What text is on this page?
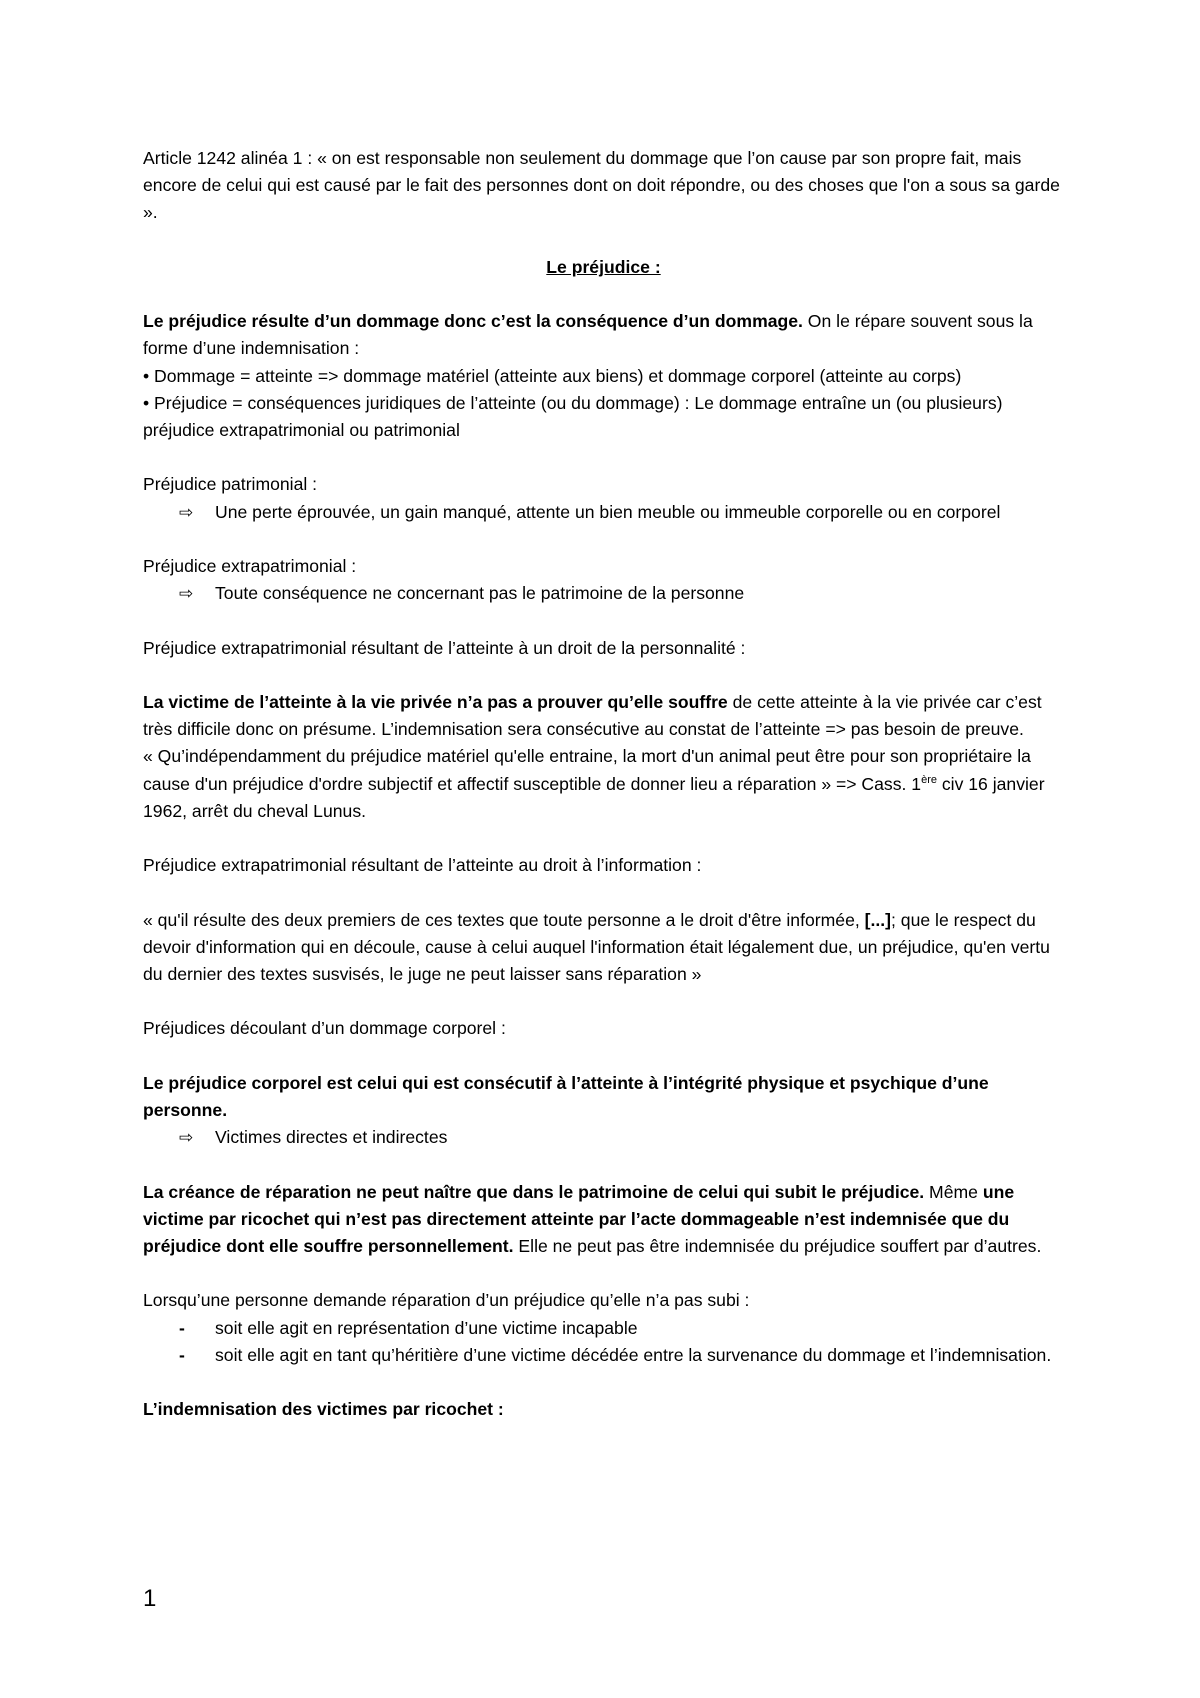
Article 1242 alinéa 1 : « on est responsable non seulement du dommage que l’on cause par son propre fait, mais encore de celui qui est causé par le fait des personnes dont on doit répondre, ou des choses que l'on a sous sa garde ».

Le préjudice :

Le préjudice résulte d’un dommage donc c’est la conséquence d’un dommage. On le répare souvent sous la forme d’une indemnisation :

• Dommage = atteinte => dommage matériel (atteinte aux biens) et dommage corporel (atteinte au corps)

• Préjudice = conséquences juridiques de l’atteinte (ou du dommage) : Le dommage entraîne un (ou plusieurs) préjudice extrapatrimonial ou patrimonial

Préjudice patrimonial :

⇨	Une perte éprouvée, un gain manqué, attente un bien meuble ou immeuble corporelle ou en corporel

Préjudice extrapatrimonial :

⇨	Toute conséquence ne concernant pas le patrimoine de la personne

Préjudice extrapatrimonial résultant de l’atteinte à un droit de la personnalité :

La victime de l’atteinte à la vie privée n’a pas a prouver qu’elle souffre de cette atteinte à la vie privée car c’est très difficile donc on présume. L’indemnisation sera consécutive au constat de l’atteinte => pas besoin de preuve.

« Qu’indépendamment du préjudice matériel qu'elle entraine, la mort d'un animal peut être pour son propriétaire la cause d'un préjudice d'ordre subjectif et affectif susceptible de donner lieu a réparation » => Cass. 1ère civ 16 janvier 1962, arrêt du cheval Lunus.

Préjudice extrapatrimonial résultant de l’atteinte au droit à l’information :

« qu'il résulte des deux premiers de ces textes que toute personne a le droit d'être informée, [...]; que le respect du devoir d'information qui en découle, cause à celui auquel l'information était légalement due, un préjudice, qu'en vertu du dernier des textes susvisés, le juge ne peut laisser sans réparation »

Préjudices découlant d’un dommage corporel :

Le préjudice corporel est celui qui est consécutif à l’atteinte à l’intégrité physique et psychique d’une personne.

⇨	Victimes directes et indirectes

La créance de réparation ne peut naître que dans le patrimoine de celui qui subit le préjudice. Même une victime par ricochet qui n’est pas directement atteinte par l’acte dommageable n’est indemnisée que du préjudice dont elle souffre personnellement. Elle ne peut pas être indemnisée du préjudice souffert par d’autres.

Lorsqu’une personne demande réparation d’un préjudice qu’elle n’a pas subi :

-	soit elle agit en représentation d’une victime incapable
-	soit elle agit en tant qu’héritière d’une victime décédée entre la survenance du dommage et l’indemnisation.

L’indemnisation des victimes par ricochet :

1
